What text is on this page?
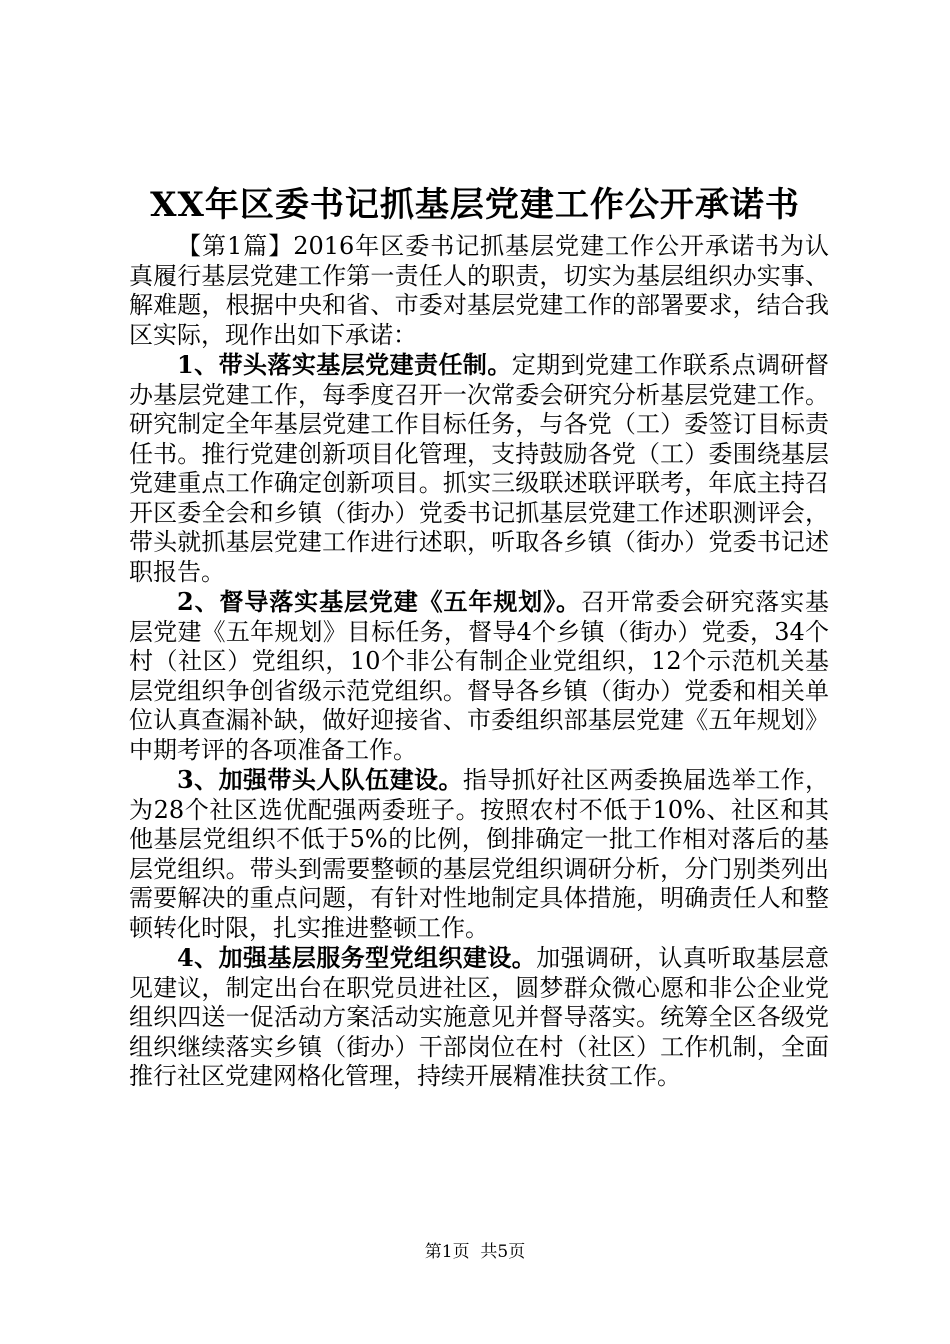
XX年区委书记抓基层党建工作公开承诺书

【第1篇】2016年区委书记抓基层党建工作公开承诺书为认真履行基层党建工作第一责任人的职责，切实为基层组织办实事、解难题，根据中央和省、市委对基层党建工作的部署要求，结合我区实际，现作出如下承诺：

1、带头落实基层党建责任制。定期到党建工作联系点调研督办基层党建工作，每季度召开一次常委会研究分析基层党建工作。研究制定全年基层党建工作目标任务，与各党（工）委签订目标责任书。推行党建创新项目化管理，支持鼓励各党（工）委围绕基层党建重点工作确定创新项目。抓实三级联述联评联考，年底主持召开区委全会和乡镇（街办）党委书记抓基层党建工作述职测评会，带头就抓基层党建工作进行述职，听取各乡镇（街办）党委书记述职报告。

2、督导落实基层党建《五年规划》。召开常委会研究落实基层党建《五年规划》目标任务，督导4个乡镇（街办）党委，34个村（社区）党组织，10个非公有制企业党组织，12个示范机关基层党组织争创省级示范党组织。督导各乡镇（街办）党委和相关单位认真查漏补缺，做好迎接省、市委组织部基层党建《五年规划》中期考评的各项准备工作。

3、加强带头人队伍建设。指导抓好社区两委换届选举工作，为28个社区选优配强两委班子。按照农村不低于10%、社区和其他基层党组织不低于5%的比例，倒排确定一批工作相对落后的基层党组织。带头到需要整顿的基层党组织调研分析，分门别类列出需要解决的重点问题，有针对性地制定具体措施，明确责任人和整顿转化时限，扎实推进整顿工作。

4、加强基层服务型党组织建设。加强调研，认真听取基层意见建议，制定出台在职党员进社区，圆梦群众微心愿和非公企业党组织四送一促活动方案活动实施意见并督导落实。统筹全区各级党组织继续落实乡镇（街办）干部岗位在村（社区）工作机制，全面推行社区党建网格化管理，持续开展精准扶贫工作。

第1页 共5页
